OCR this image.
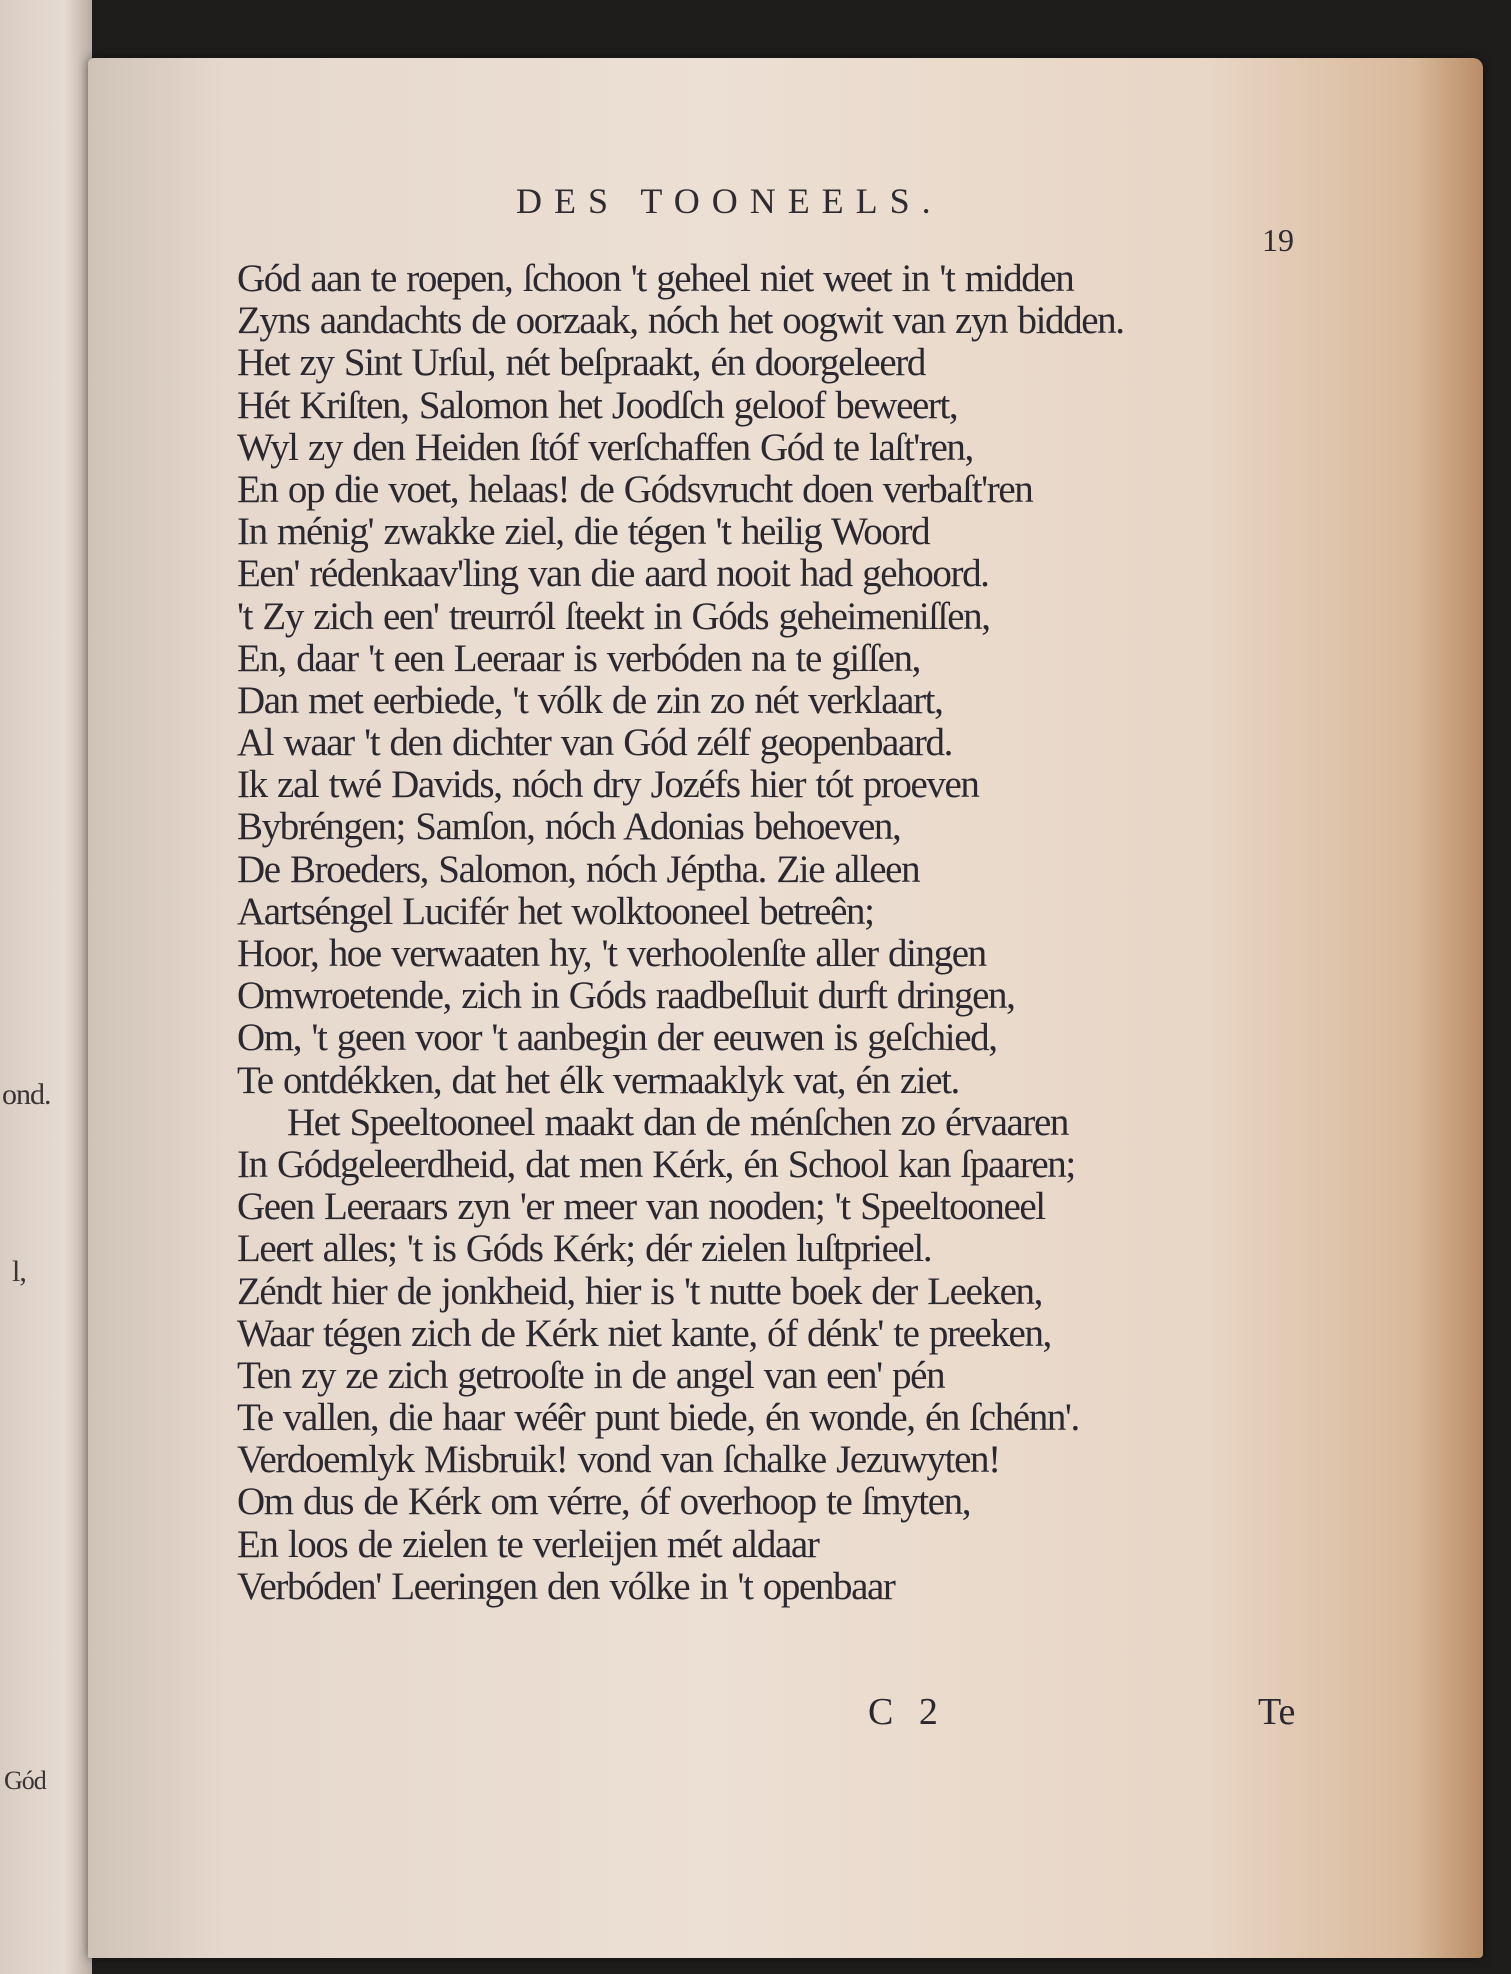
ond.
l,
Gód
DES TOONEELS.
19
Gód aan te roepen, ſchoon 't geheel niet weet in 't midden
Zyns aandachts de oorzaak, nóch het oogwit van zyn bidden.
Het zy Sint Urſul, nét beſpraakt, én doorgeleerd
Hét Kriſten, Salomon het Joodſch geloof beweert,
Wyl zy den Heiden ſtóf verſchaffen Gód te laſt'ren,
En op die voet, helaas! de Gódsvrucht doen verbaſt'ren
In ménig' zwakke ziel, die tégen 't heilig Woord
Een' rédenkaav'ling van die aard nooit had gehoord.
't Zy zich een' treurról ſteekt in Góds geheimeniſſen,
En, daar 't een Leeraar is verbóden na te giſſen,
Dan met eerbiede, 't vólk de zin zo nét verklaart,
Al waar 't den dichter van Gód zélf geopenbaard.
Ik zal twé Davids, nóch dry Jozéfs hier tót proeven
Bybréngen; Samſon, nóch Adonias behoeven,
De Broeders, Salomon, nóch Jéptha. Zie alleen
Aartséngel Lucifér het wolktooneel betreên;
Hoor, hoe verwaaten hy, 't verhoolenſte aller dingen
Omwroetende, zich in Góds raadbeſluit durft dringen,
Om, 't geen voor 't aanbegin der eeuwen is geſchied,
Te ontdékken, dat het élk vermaaklyk vat, én ziet.
Het Speeltooneel maakt dan de ménſchen zo érvaaren
In Gódgeleerdheid, dat men Kérk, én School kan ſpaaren;
Geen Leeraars zyn 'er meer van nooden; 't Speeltooneel
Leert alles; 't is Góds Kérk; dér zielen luſtprieel.
Zéndt hier de jonkheid, hier is 't nutte boek der Leeken,
Waar tégen zich de Kérk niet kante, óf dénk' te preeken,
Ten zy ze zich getrooſte in de angel van een' pén
Te vallen, die haar wéêr punt biede, én wonde, én ſchénn'.
Verdoemlyk Misbruik! vond van ſchalke Jezuwyten!
Om dus de Kérk om vérre, óf overhoop te ſmyten,
En loos de zielen te verleijen mét aldaar
Verbóden' Leeringen den vólke in 't openbaar
C 2	Te
